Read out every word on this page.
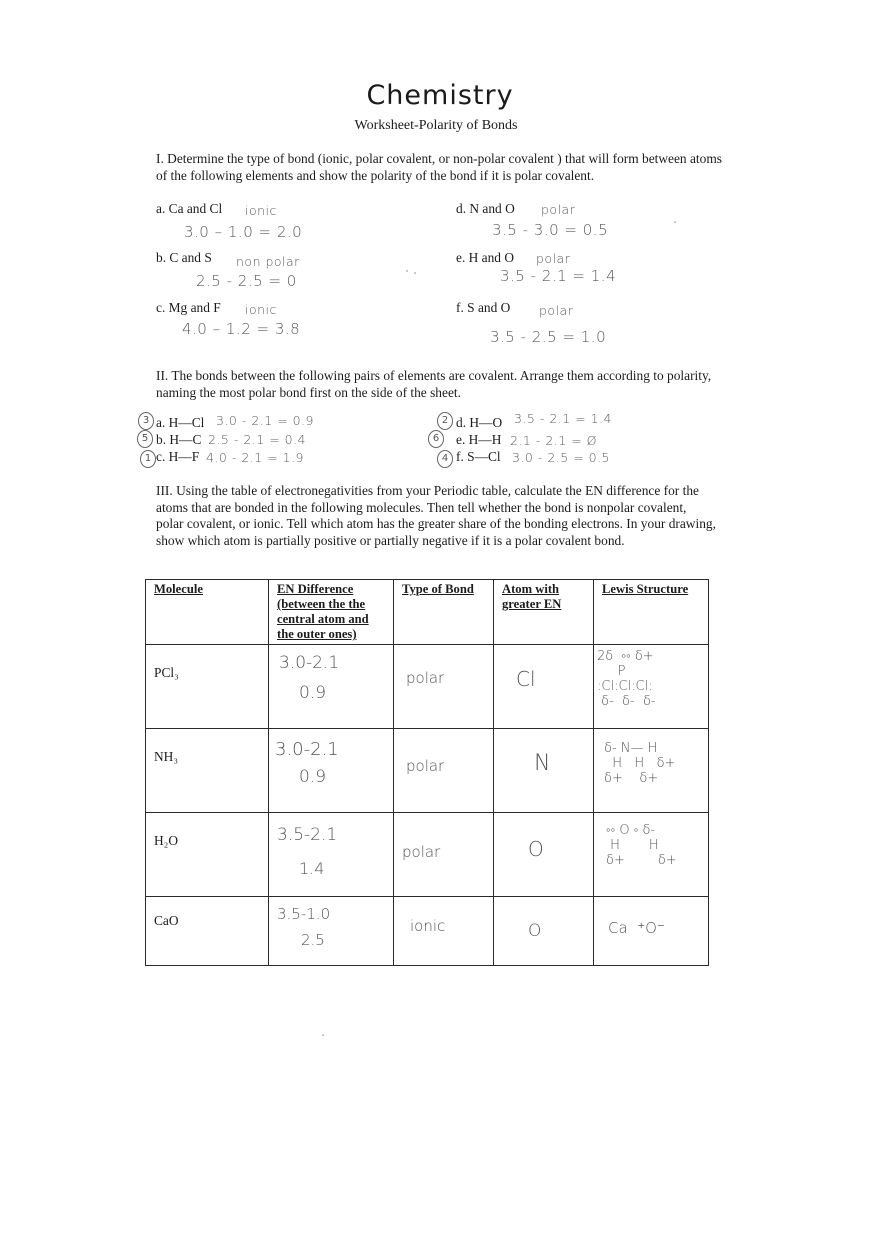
Chemistry
Worksheet-Polarity of Bonds
I. Determine the type of bond (ionic, polar covalent, or non-polar covalent ) that will form between atoms of the following elements and show the polarity of the bond if it is polar covalent.
a. Ca and Cl ionic
3.0 – 1.0 = 2.0
b. C and S non polar
2.5 - 2.5 = 0
c. Mg and F ionic
4.0 – 1.2 = 3.8
d. N and O polar
3.5 - 3.0 = 0.5
e. H and O polar
3.5 - 2.1 = 1.4
f. S and O polar
3.5 - 2.5 = 1.0
II. The bonds between the following pairs of elements are covalent. Arrange them according to polarity, naming the most polar bond first on the side of the sheet.
3 a. H—Cl 3.0 - 2.1 = 0.9
5 b. H—C 2.5 - 2.1 = 0.4
1 c. H—F 4.0 - 2.1 = 1.9
2 d. H—O 3.5 - 2.1 = 1.4
6	e. H—H 2.1 - 2.1 = Ø
4 f. S—Cl 3.0 - 2.5 = 0.5
III. Using the table of electronegativities from your Periodic table, calculate the EN difference for the atoms that are bonded in the following molecules. Then tell whether the bond is nonpolar covalent, polar covalent, or ionic. Tell which atom has the greater share of the bonding electrons. In your drawing, show which atom is partially positive or partially negative if it is a polar covalent bond.
Molecule	EN Difference (between the the central atom and the outer ones)	Type of Bond	Atom with greater EN	Lewis Structure

PCl₃	3.0-2.1
0.9	polar	Cl	2δ  ◦◦ δ+
P
:Cl:Cl:Cl:
δ-  δ-  δ-

NH₃	3.0-2.1
0.9	polar	N	δ- N— H
H   H   δ+
δ+    δ+

H₂O	3.5-2.1
1.4	polar	O	◦◦ O ◦ δ-
H       H
δ+        δ+

CaO	3.5-1.0
2.5	ionic	O	Ca  ⁺O⁻
